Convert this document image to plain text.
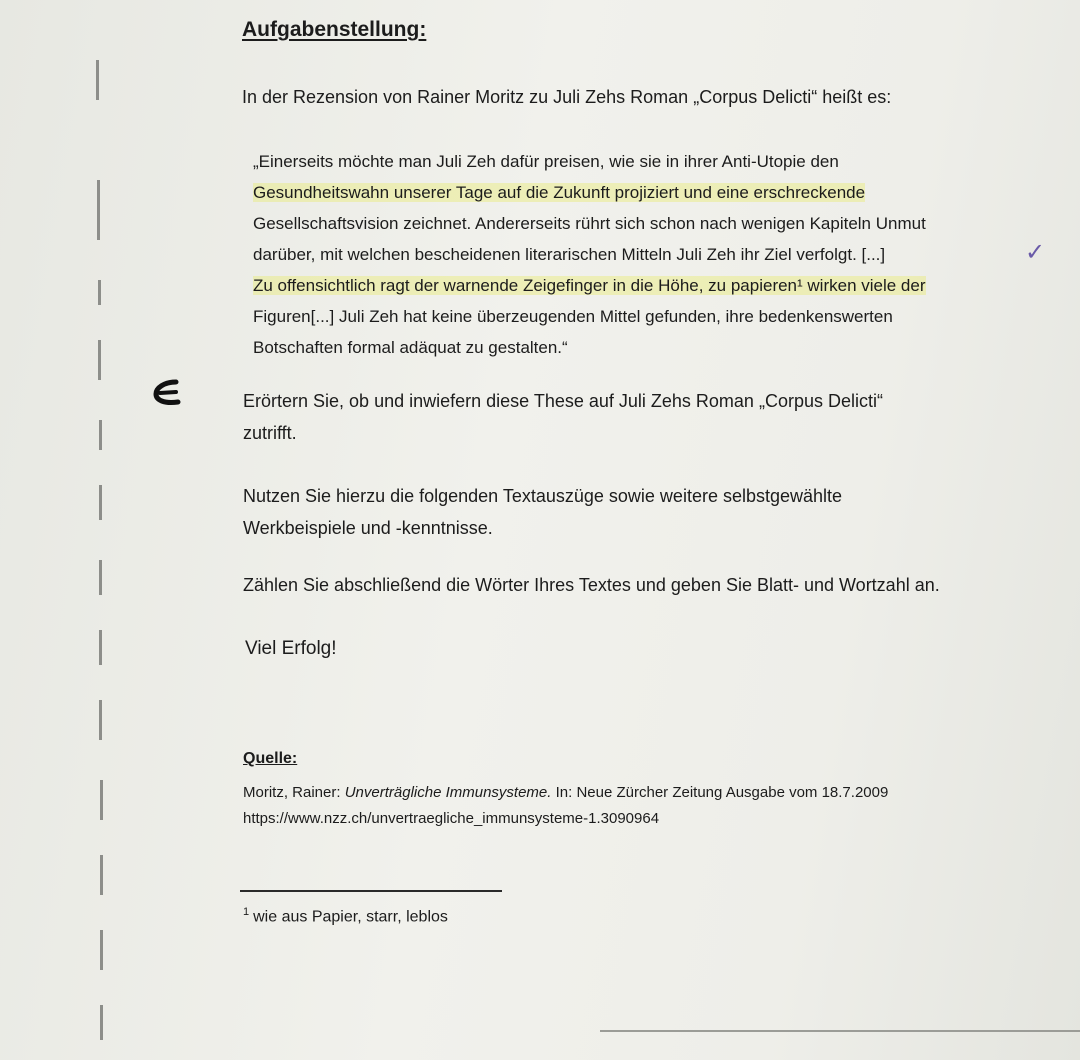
Aufgabenstellung:
In der Rezension von Rainer Moritz zu Juli Zehs Roman „Corpus Delicti“ heißt es:
„Einerseits möchte man Juli Zeh dafür preisen, wie sie in ihrer Anti-Utopie den
Gesundheitswahn unserer Tage auf die Zukunft projiziert und eine erschreckende
Gesellschaftsvision zeichnet. Andererseits rührt sich schon nach wenigen Kapiteln Unmut
darüber, mit welchen bescheidenen literarischen Mitteln Juli Zeh ihr Ziel verfolgt. [...]
Zu offensichtlich ragt der warnende Zeigefinger in die Höhe, zu papieren¹ wirken viele der
Figuren[...] Juli Zeh hat keine überzeugenden Mittel gefunden, ihre bedenkenswerten
Botschaften formal adäquat zu gestalten.“
✓
Erörtern Sie, ob und inwiefern diese These auf Juli Zehs Roman „Corpus Delicti“
zutrifft.
Nutzen Sie hierzu die folgenden Textauszüge sowie weitere selbstgewählte
Werkbeispiele und -kenntnisse.
Zählen Sie abschließend die Wörter Ihres Textes und geben Sie Blatt- und Wortzahl an.
Viel Erfolg!
Quelle:
Moritz, Rainer: Unverträgliche Immunsysteme. In: Neue Zürcher Zeitung Ausgabe vom 18.7.2009
https://www.nzz.ch/unvertraegliche_immunsysteme-1.3090964
$^1$ wie aus Papier, starr, leblos
